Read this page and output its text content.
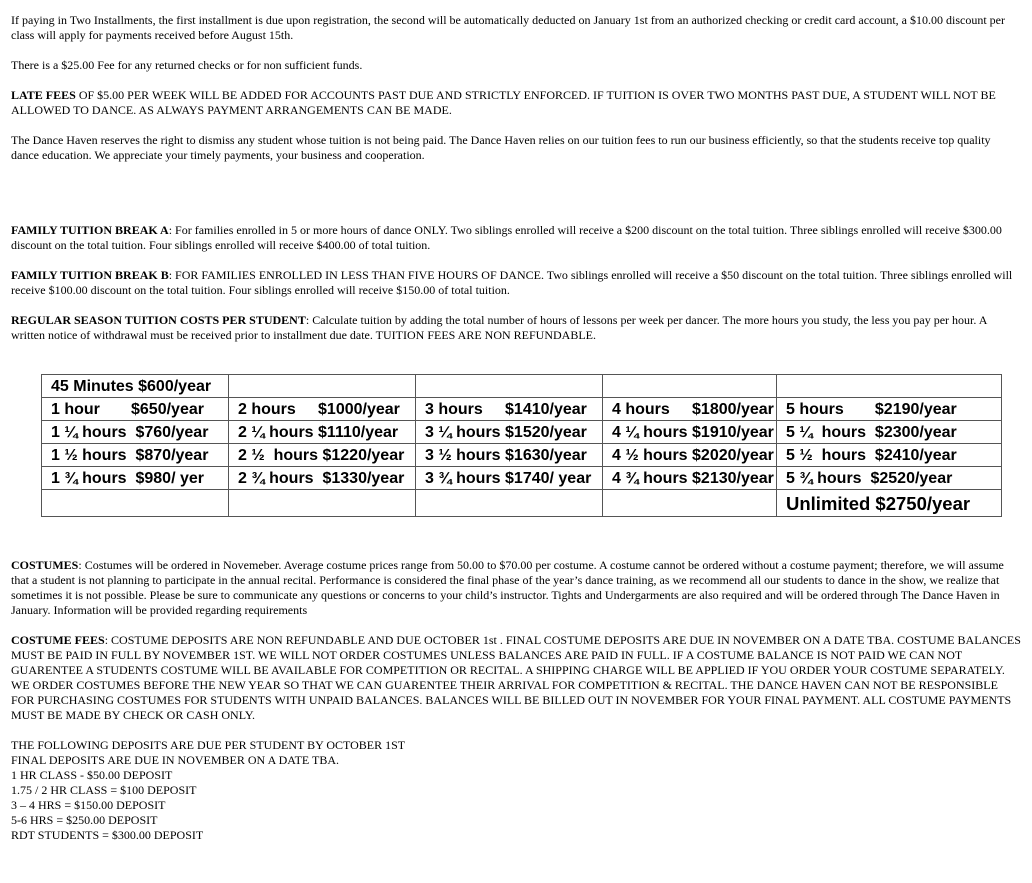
If paying in Two Installments, the first installment is due upon registration, the second will be automatically deducted on January 1st from an authorized checking or credit card account, a $10.00 discount per class will apply for payments received before August 15th.

There is a $25.00 Fee for any returned checks or for non sufficient funds.

LATE FEES OF $5.00 PER WEEK WILL BE ADDED FOR ACCOUNTS PAST DUE AND STRICTLY ENFORCED. IF TUITION IS OVER TWO MONTHS PAST DUE, A STUDENT WILL NOT BE ALLOWED TO DANCE. AS ALWAYS PAYMENT ARRANGEMENTS CAN BE MADE.

The Dance Haven reserves the right to dismiss any student whose tuition is not being paid. The Dance Haven relies on our tuition fees to run our business efficiently, so that the students receive top quality dance education. We appreciate your timely payments, your business and cooperation.

FAMILY TUITION BREAK A: For families enrolled in 5 or more hours of dance ONLY. Two siblings enrolled will receive a $200 discount on the total tuition. Three siblings enrolled will receive $300.00 discount on the total tuition. Four siblings enrolled will receive $400.00 of total tuition.

FAMILY TUITION BREAK B: FOR FAMILIES ENROLLED IN LESS THAN FIVE HOURS OF DANCE. Two siblings enrolled will receive a $50 discount on the total tuition. Three siblings enrolled will receive $100.00 discount on the total tuition. Four siblings enrolled will receive $150.00 of total tuition.

REGULAR SEASON TUITION COSTS PER STUDENT: Calculate tuition by adding the total number of hours of lessons per week per dancer. The more hours you study, the less you pay per hour. A written notice of withdrawal must be received prior to installment due date. TUITION FEES ARE NON REFUNDABLE.

45 Minutes $600/year				
1 hour       $650/year	2 hours     $1000/year	3 hours     $1410/year	4 hours     $1800/year	5 hours       $2190/year
1 ¼ hours  $760/year	2 ¼ hours $1110/year	3 ¼ hours $1520/year	4 ¼ hours $1910/year	5 ¼  hours  $2300/year
1 ½ hours  $870/year	2 ½  hours $1220/year	3 ½ hours $1630/year	4 ½ hours $2020/year	5 ½  hours  $2410/year
1 ¾ hours  $980/ yer	2 ¾ hours  $1330/year	3 ¾ hours $1740/ year	4 ¾ hours $2130/year	5 ¾ hours  $2520/year
				Unlimited $2750/year

COSTUMES: Costumes will be ordered in Novemeber. Average costume prices range from 50.00 to $70.00 per costume. A costume cannot be ordered without a costume payment; therefore, we will assume that a student is not planning to participate in the annual recital. Performance is considered the final phase of the year’s dance training, as we recommend all our students to dance in the show, we realize that sometimes it is not possible. Please be sure to communicate any questions or concerns to your child’s instructor. Tights and Undergarments are also required and will be ordered through The Dance Haven in January. Information will be provided regarding requirements

COSTUME FEES: COSTUME DEPOSITS ARE NON REFUNDABLE AND DUE OCTOBER 1st . FINAL COSTUME DEPOSITS ARE DUE IN NOVEMBER ON A DATE TBA. COSTUME BALANCES MUST BE PAID IN FULL BY NOVEMBER 1ST. WE WILL NOT ORDER COSTUMES UNLESS BALANCES ARE PAID IN FULL. IF A COSTUME BALANCE IS NOT PAID WE CAN NOT GUARENTEE A STUDENTS COSTUME WILL BE AVAILABLE FOR COMPETITION OR RECITAL. A SHIPPING CHARGE WILL BE APPLIED IF YOU ORDER YOUR COSTUME SEPARATELY. WE ORDER COSTUMES BEFORE THE NEW YEAR SO THAT WE CAN GUARENTEE THEIR ARRIVAL FOR COMPETITION & RECITAL. THE DANCE HAVEN CAN NOT BE RESPONSIBLE FOR PURCHASING COSTUMES FOR STUDENTS WITH UNPAID BALANCES. BALANCES WILL BE BILLED OUT IN NOVEMBER FOR YOUR FINAL PAYMENT. ALL COSTUME PAYMENTS MUST BE MADE BY CHECK OR CASH ONLY.

THE FOLLOWING DEPOSITS ARE DUE PER STUDENT BY OCTOBER 1ST
FINAL DEPOSITS ARE DUE IN NOVEMBER ON A DATE TBA.
1 HR CLASS - $50.00 DEPOSIT
1.75 / 2 HR CLASS = $100 DEPOSIT
3 – 4 HRS = $150.00 DEPOSIT
5-6 HRS = $250.00 DEPOSIT
RDT STUDENTS = $300.00 DEPOSIT
